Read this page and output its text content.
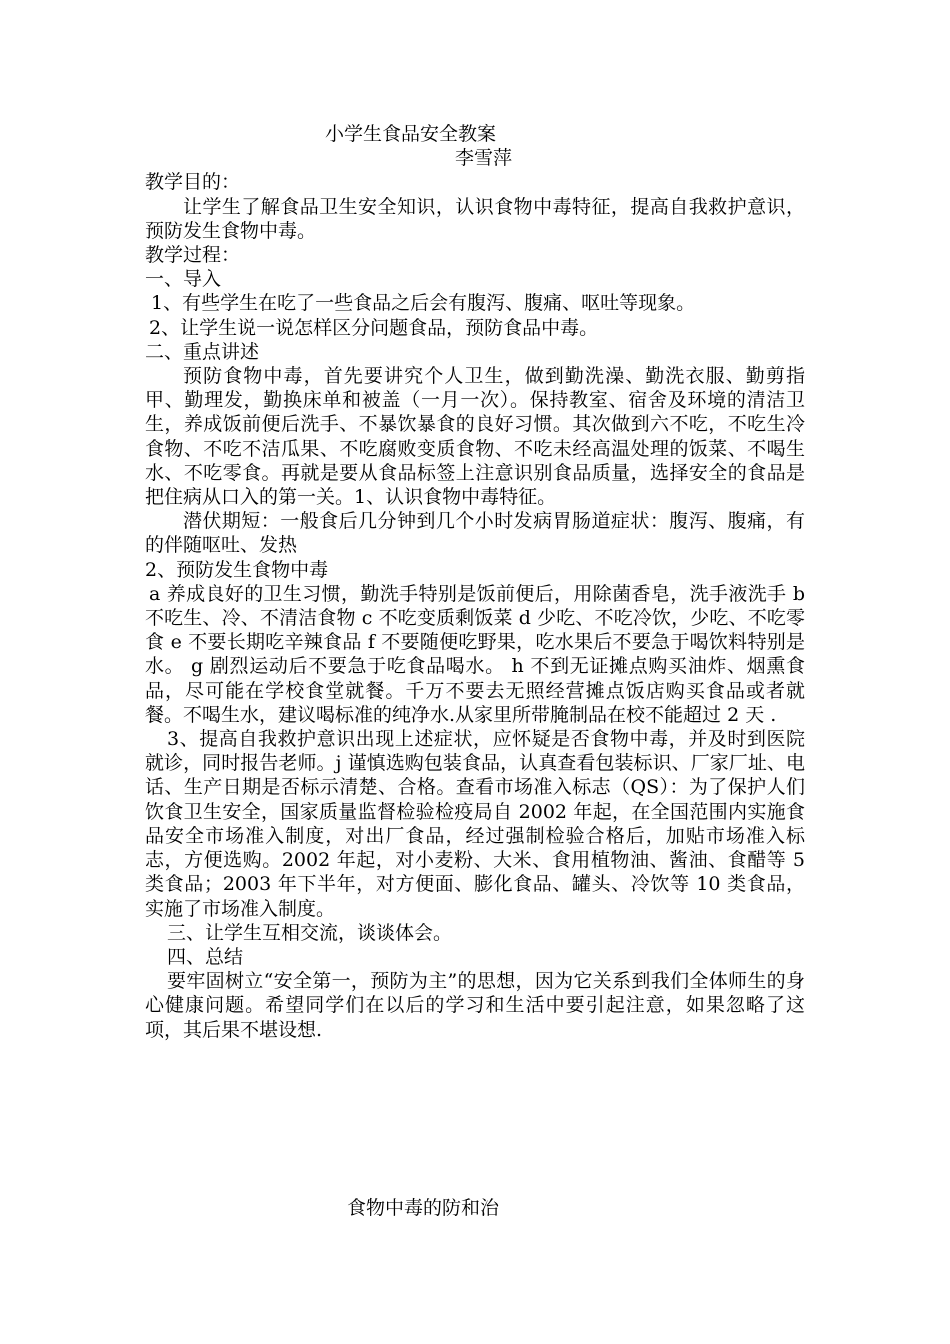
小学生食品安全教案

李雪萍

教学目的：

让学生了解食品卫生安全知识，认识食物中毒特征，提高自我救护意识，预防发生食物中毒。

教学过程：

一、导入

1、有些学生在吃了一些食品之后会有腹泻、腹痛、呕吐等现象。

2、让学生说一说怎样区分问题食品，预防食品中毒。

二、重点讲述

预防食物中毒，首先要讲究个人卫生，做到勤洗澡、勤洗衣服、勤剪指甲、勤理发，勤换床单和被盖（一月一次）。保持教室、宿舍及环境的清洁卫生，养成饭前便后洗手、不暴饮暴食的良好习惯。其次做到六不吃，不吃生冷食物、不吃不洁瓜果、不吃腐败变质食物、不吃未经高温处理的饭菜、不喝生水、不吃零食。再就是要从食品标签上注意识别食品质量，选择安全的食品是把住病从口入的第一关。1、认识食物中毒特征。

潜伏期短：一般食后几分钟到几个小时发病胃肠道症状：腹泻、腹痛，有的伴随呕吐、发热

2、预防发生食物中毒

a 养成良好的卫生习惯，勤洗手特别是饭前便后，用除菌香皂，洗手液洗手 b 不吃生、冷、不清洁食物 c 不吃变质剩饭菜 d 少吃、不吃冷饮，少吃、不吃零食 e 不要长期吃辛辣食品 f 不要随便吃野果，吃水果后不要急于喝饮料特别是水。 g 剧烈运动后不要急于吃食品喝水。 h 不到无证摊点购买油炸、烟熏食品，尽可能在学校食堂就餐。千万不要去无照经营摊点饭店购买食品或者就餐。不喝生水，建议喝标准的纯净水.从家里所带腌制品在校不能超过 2 天 .

3、提高自我救护意识出现上述症状，应怀疑是否食物中毒，并及时到医院就诊，同时报告老师。j 谨慎选购包装食品，认真查看包装标识、厂家厂址、电话、生产日期是否标示清楚、合格。查看市场准入标志（QS）：为了保护人们饮食卫生安全，国家质量监督检验检疫局自 2002 年起，在全国范围内实施食品安全市场准入制度，对出厂食品，经过强制检验合格后，加贴市场准入标志，方便选购。2002 年起，对小麦粉、大米、食用植物油、酱油、食醋等 5 类食品；2003 年下半年，对方便面、膨化食品、罐头、冷饮等 10 类食品，实施了市场准入制度。

三、让学生互相交流，谈谈体会。

四、总结

要牢固树立“安全第一，预防为主”的思想，因为它关系到我们全体师生的身心健康问题。希望同学们在以后的学习和生活中要引起注意，如果忽略了这项，其后果不堪设想.

食物中毒的防和治
